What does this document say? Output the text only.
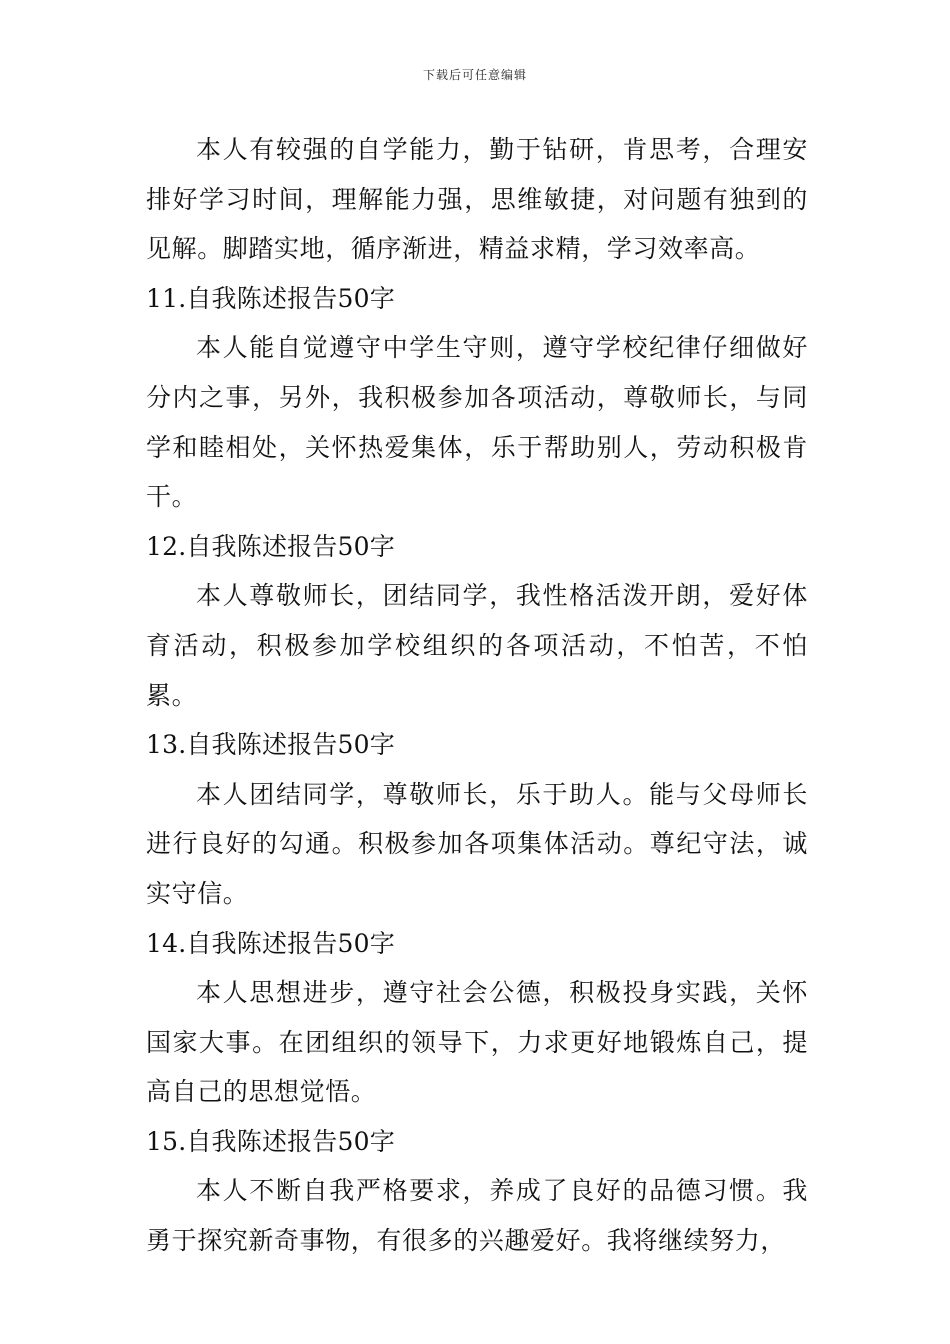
下载后可任意编辑

本人有较强的自学能力，勤于钻研，肯思考，合理安排好学习时间，理解能力强，思维敏捷，对问题有独到的见解。脚踏实地，循序渐进，精益求精，学习效率高。

11.自我陈述报告50字

本人能自觉遵守中学生守则，遵守学校纪律仔细做好分内之事，另外，我积极参加各项活动，尊敬师长，与同学和睦相处，关怀热爱集体，乐于帮助别人，劳动积极肯干。

12.自我陈述报告50字

本人尊敬师长，团结同学，我性格活泼开朗，爱好体育活动，积极参加学校组织的各项活动，不怕苦，不怕累。

13.自我陈述报告50字

本人团结同学，尊敬师长，乐于助人。能与父母师长进行良好的勾通。积极参加各项集体活动。尊纪守法，诚实守信。

14.自我陈述报告50字

本人思想进步，遵守社会公德，积极投身实践，关怀国家大事。在团组织的领导下，力求更好地锻炼自己，提高自己的思想觉悟。

15.自我陈述报告50字

本人不断自我严格要求，养成了良好的品德习惯。我勇于探究新奇事物，有很多的兴趣爱好。我将继续努力，
